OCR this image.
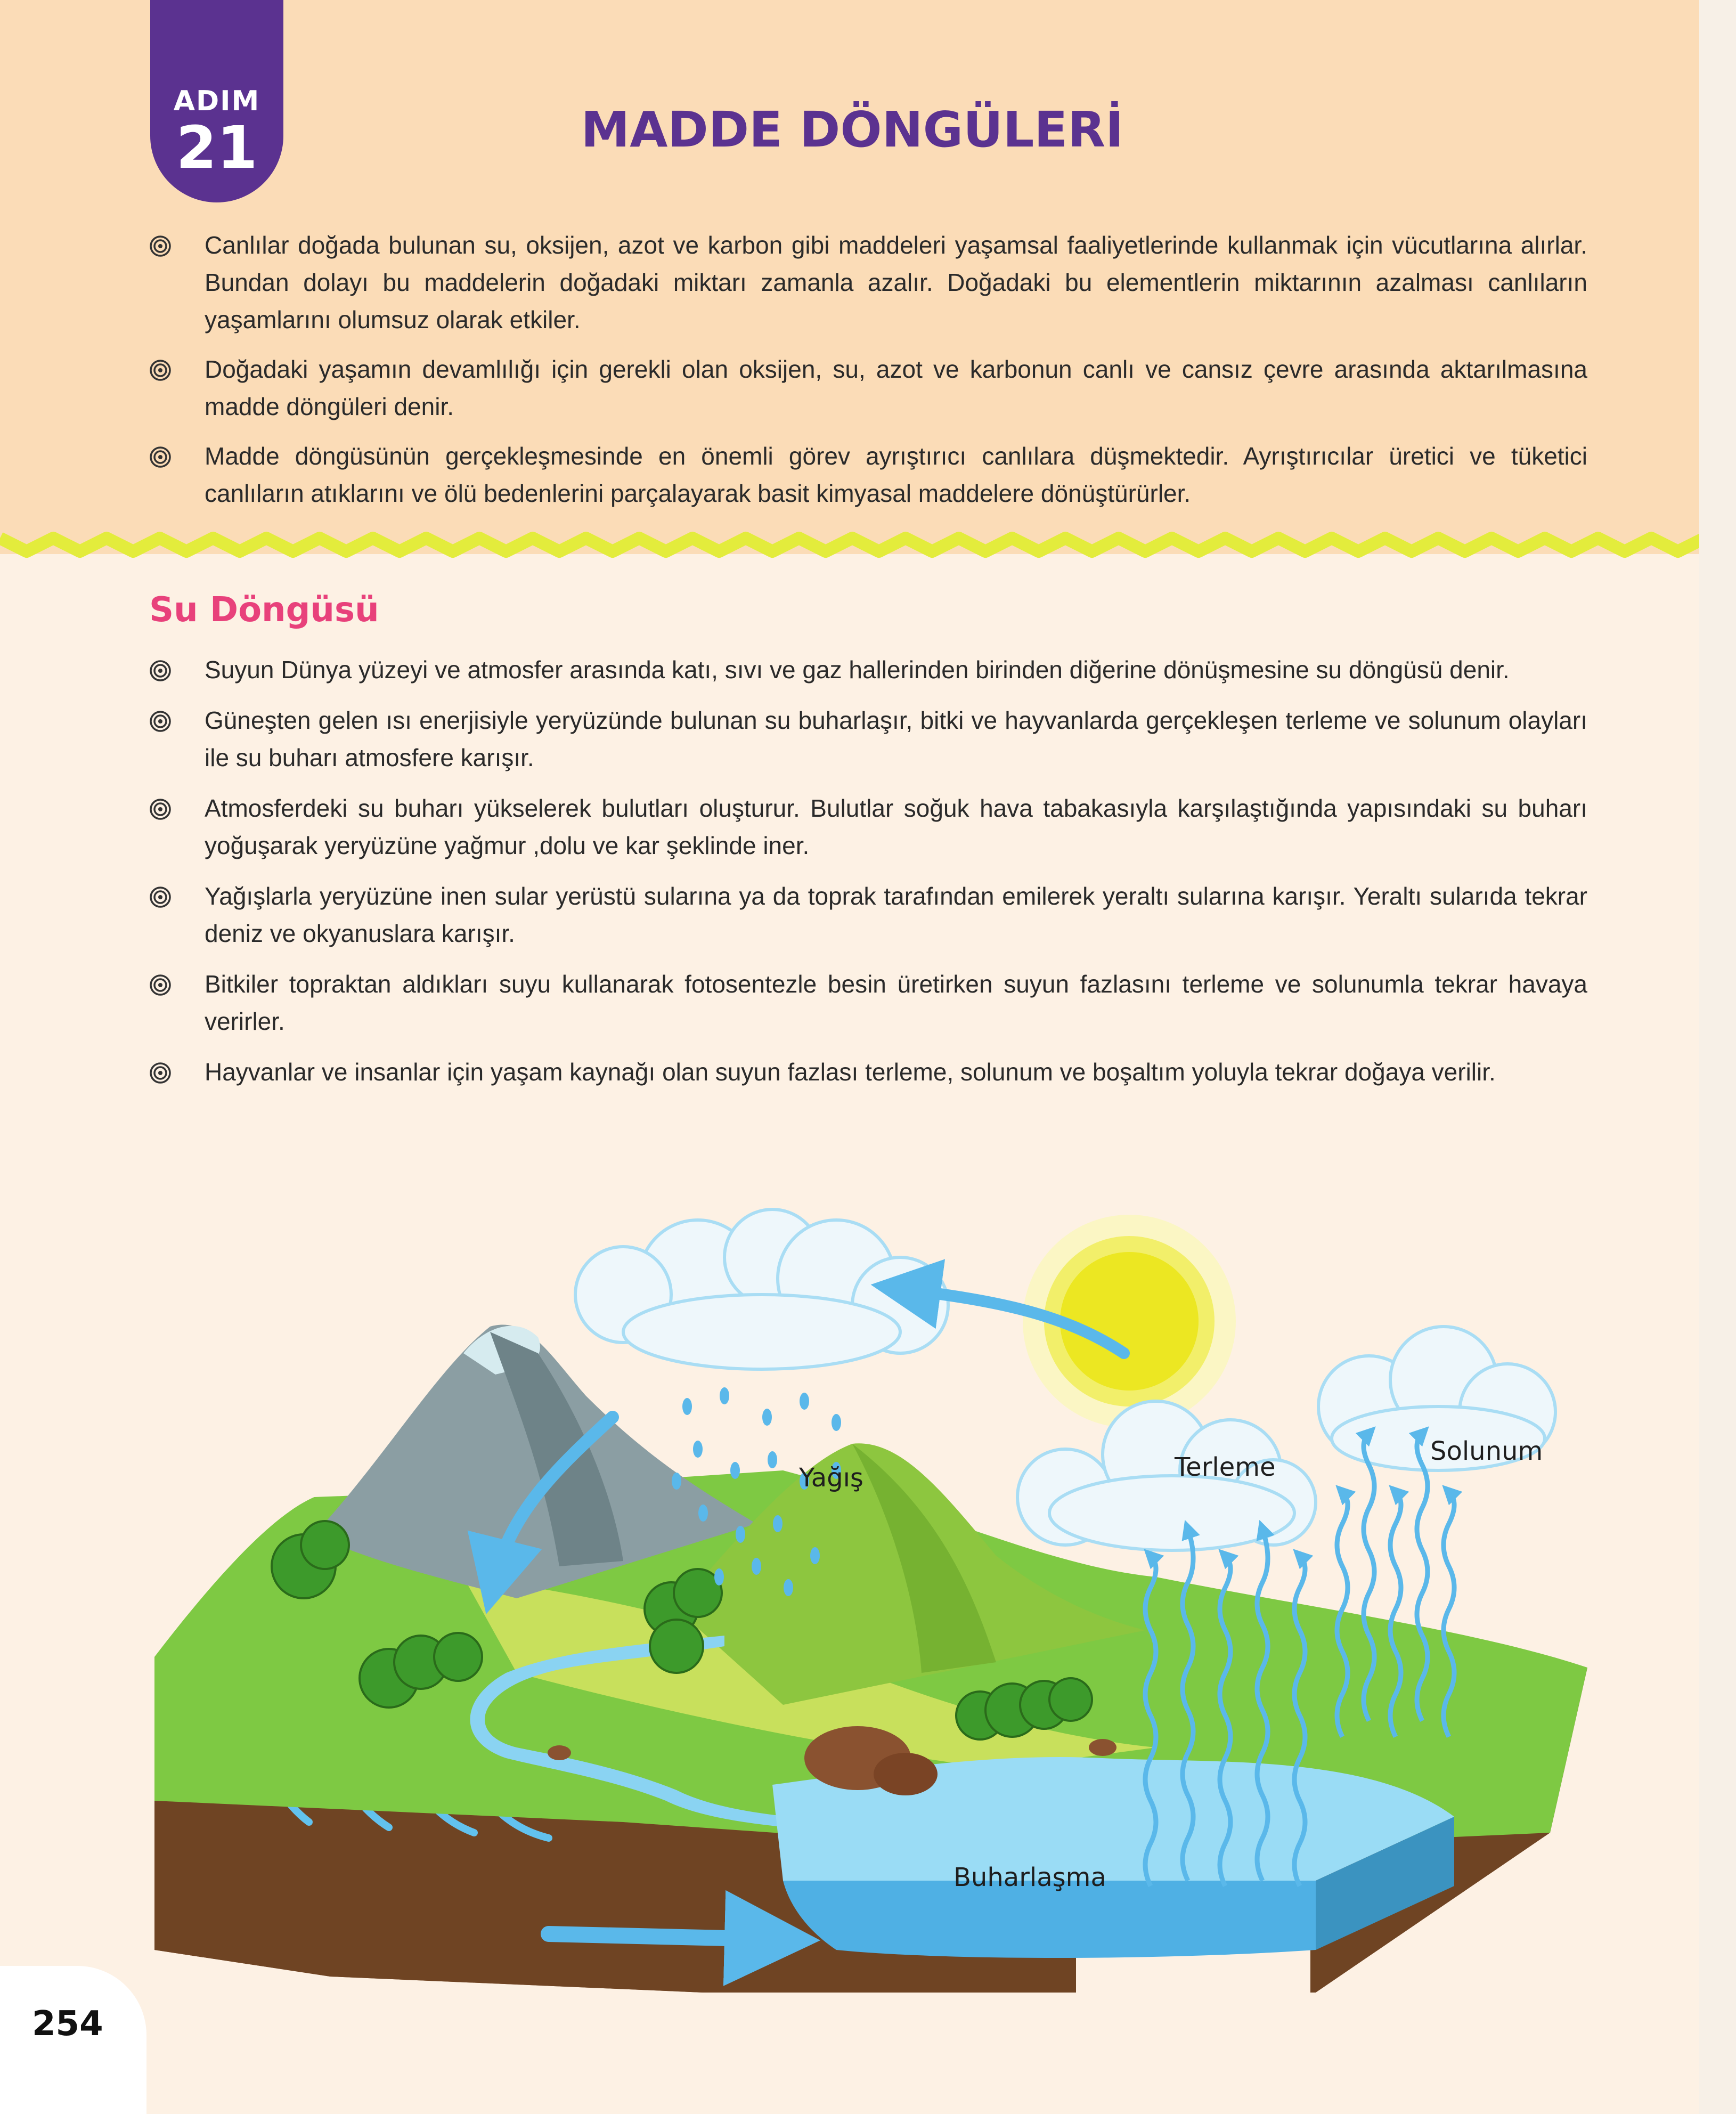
ADIM
21	MADDE DÖNGÜLERİ
Canlılar doğada bulunan su, oksijen, azot ve karbon gibi maddeleri yaşamsal faaliyetlerinde kullanmak için vücutlarına alırlar. Bundan dolayı bu maddelerin doğadaki miktarı zamanla azalır. Doğadaki bu elementlerin miktarının azalması canlıların yaşamlarını olumsuz olarak etkiler.
Doğadaki yaşamın devamlılığı için gerekli olan oksijen, su, azot ve karbonun canlı ve cansız çevre arasında aktarılmasına madde döngüleri denir.
Madde döngüsünün gerçekleşmesinde en önemli görev ayrıştırıcı canlılara düşmektedir. Ayrıştırıcılar üretici ve tüketici canlıların atıklarını ve ölü bedenlerini parçalayarak basit kimyasal maddelere dönüştürürler.
Su Döngüsü
Suyun Dünya yüzeyi ve atmosfer arasında katı, sıvı ve gaz hallerinden birinden diğerine dönüşmesine su döngüsü denir.
Güneşten gelen ısı enerjisiyle yeryüzünde bulunan su buharlaşır, bitki ve hayvanlarda gerçekleşen terleme ve solunum olayları ile su buharı atmosfere karışır.
Atmosferdeki su buharı yükselerek bulutları oluşturur. Bulutlar soğuk hava tabakasıyla karşılaştığında yapısındaki su buharı yoğuşarak yeryüzüne yağmur ,dolu ve kar şeklinde iner.
Yağışlarla yeryüzüne inen sular yerüstü sularına ya da toprak tarafından emilerek yeraltı sularına karışır. Yeraltı sularıda tekrar deniz ve okyanuslara karışır.
Bitkiler topraktan aldıkları suyu kullanarak fotosentezle besin üretirken suyun fazlasını terleme ve solunumla tekrar havaya verirler.
Hayvanlar ve insanlar için yaşam kaynağı olan suyun fazlası terleme, solunum ve boşaltım yoluyla tekrar doğaya verilir.
Yağış	Terleme
Solunum
Buharlaşma
254
